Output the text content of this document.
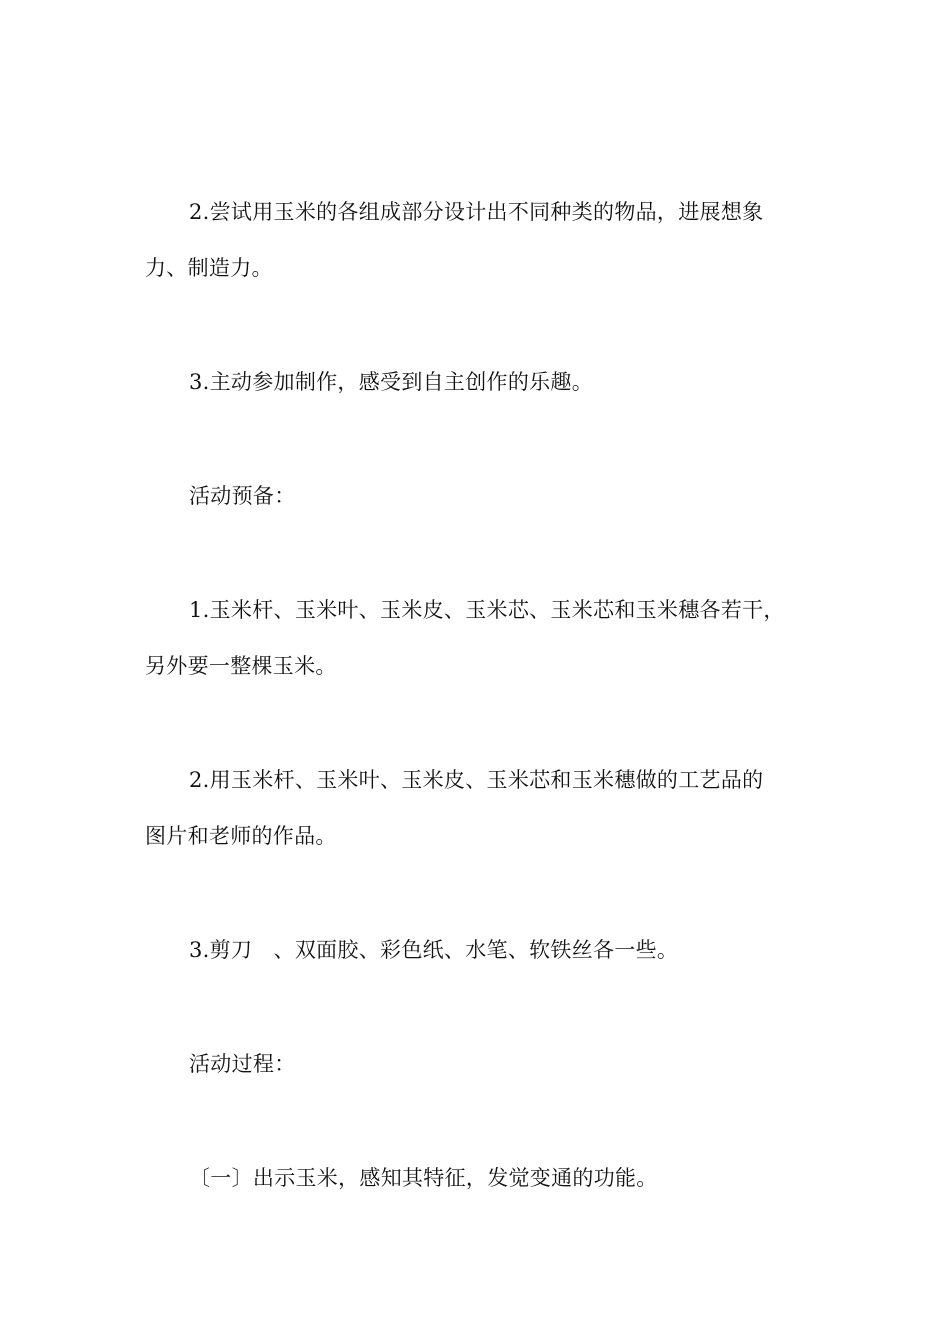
2.尝试用玉米的各组成部分设计出不同种类的物品，进展想象
力、制造力。
3.主动参加制作，感受到自主创作的乐趣。
活动预备：
1.玉米杆、玉米叶、玉米皮、玉米芯、玉米芯和玉米穗各若干，
另外要一整棵玉米。
2.用玉米杆、玉米叶、玉米皮、玉米芯和玉米穗做的工艺品的
图片和老师的作品。
3.剪刀　、双面胶、彩色纸、水笔、软铁丝各一些。
活动过程：
〔一〕出示玉米，感知其特征，发觉变通的功能。
